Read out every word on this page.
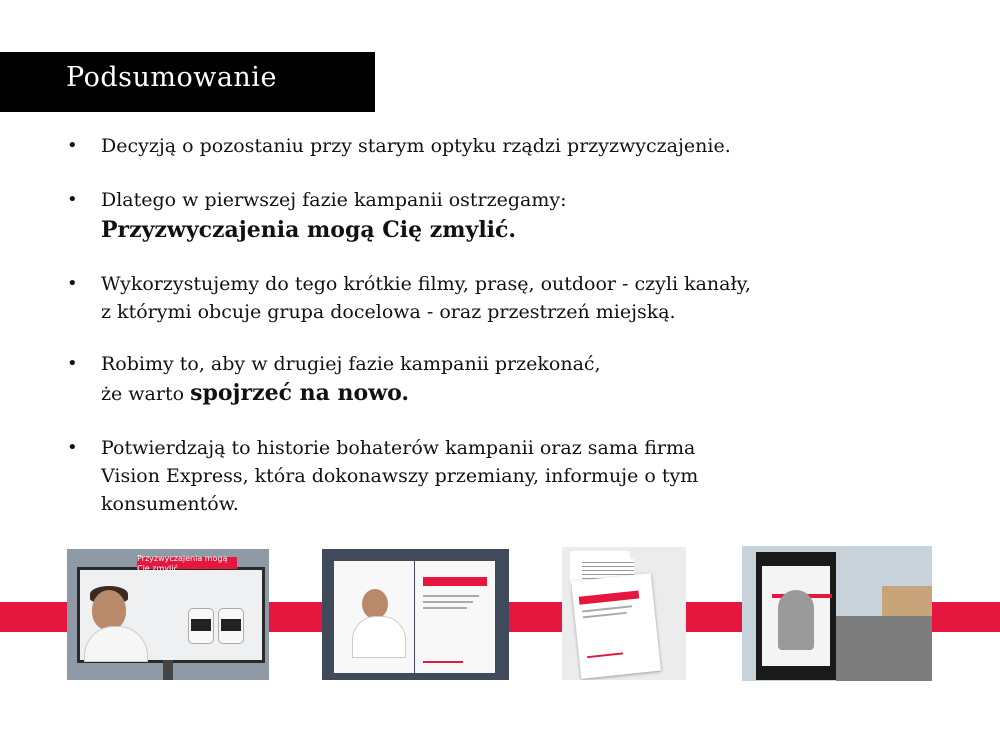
Podsumowanie
• Decyzją o pozostaniu przy starym optyku rządzi przyzwyczajenie.
• Dlatego w pierwszej fazie kampanii ostrzegamy:
Przyzwyczajenia mogą Cię zmylić.
• Wykorzystujemy do tego krótkie filmy, prasę, outdoor - czyli kanały,
z którymi obcuje grupa docelowa - oraz przestrzeń miejską.
• Robimy to, aby w drugiej fazie kampanii przekonać,
że warto spojrzeć na nowo.
• Potwierdzają to historie bohaterów kampanii oraz sama firma
Vision Express, która dokonawszy przemiany, informuje o tym
konsumentów.
Przyzwyczajenia mogą Cię zmylić...
